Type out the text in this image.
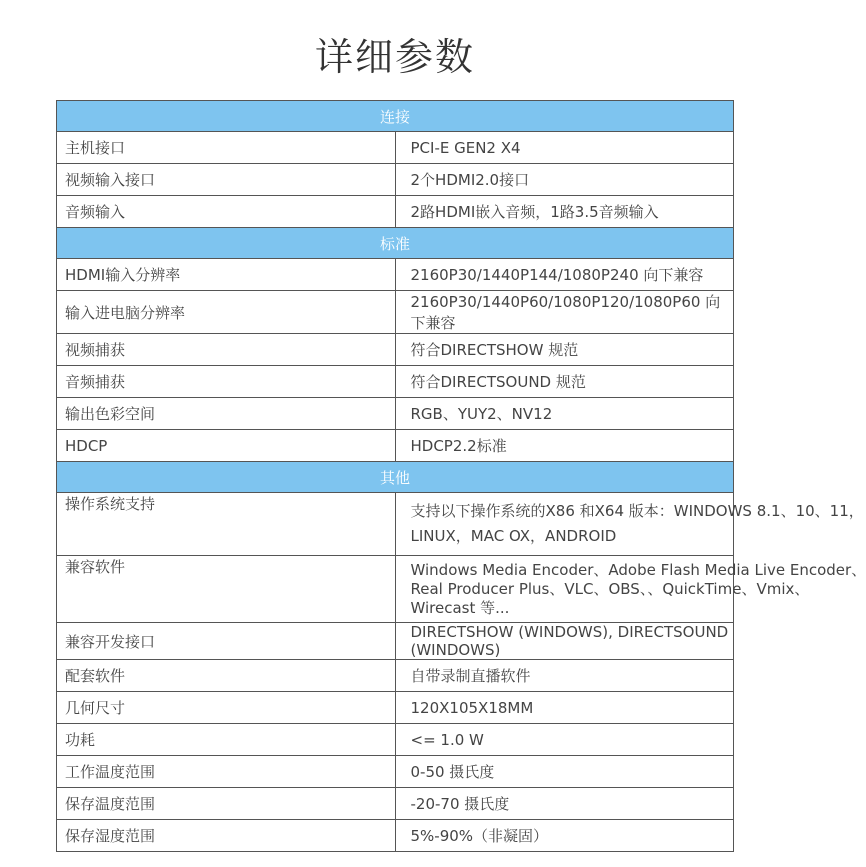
详细参数
连接	
主机接口	PCI-E GEN2 X4
视频输入接口	2个HDMI2.0接口
音频输入	2路HDMI嵌入音频，1路3.5音频输入
标准	
HDMI输入分辨率	2160P30/1440P144/1080P240 向下兼容
输入进电脑分辨率	2160P30/1440P60/1080P120/1080P60 向下兼容
视频捕获	符合DIRECTSHOW 规范
音频捕获	符合DIRECTSOUND 规范
输出色彩空间	RGB、YUY2、NV12
HDCP	HDCP2.2标准
其他	
操作系统支持	支持以下操作系统的X86 和X64 版本：WINDOWS 8.1、10、11，
LINUX，MAC OX，ANDROID

兼容软件	Windows Media Encoder、Adobe Flash Media Live Encoder、
Real Producer Plus、VLC、OBS、、QuickTime、Vmix、
Wirecast 等...

兼容开发接口	DIRECTSHOW (WINDOWS), DIRECTSOUND (WINDOWS)
配套软件	自带录制直播软件
几何尺寸	120X105X18MM
功耗	<= 1.0 W
工作温度范围	0-50 摄氏度
保存温度范围	-20-70 摄氏度
保存湿度范围	5%-90%（非凝固）
